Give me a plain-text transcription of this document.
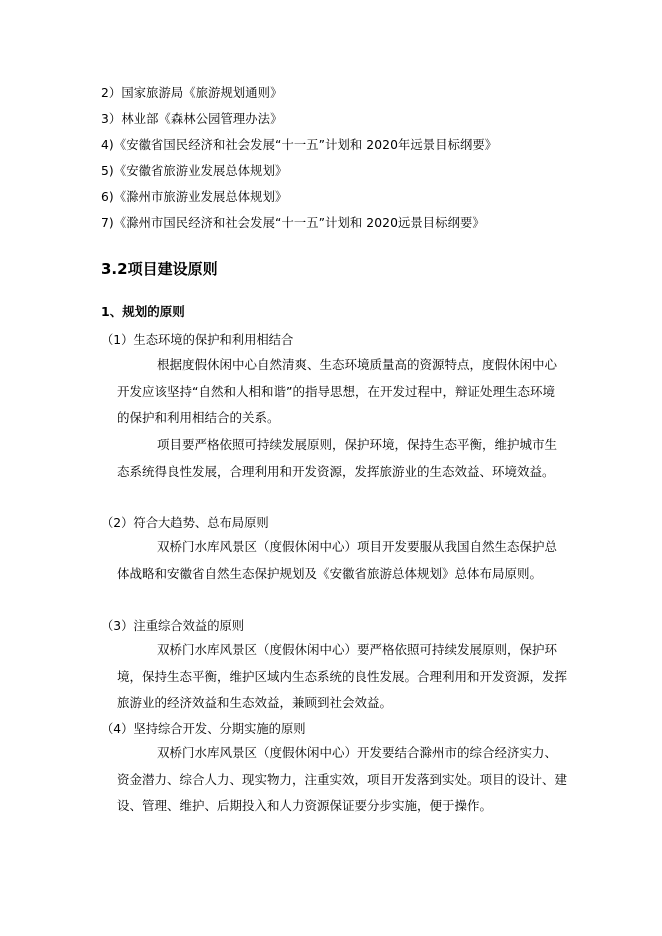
2）国家旅游局《旅游规划通则》
3）林业部《森林公园管理办法》
4)《安徽省国民经济和社会发展“十一五”计划和 2020年远景目标纲要》
5)《安徽省旅游业发展总体规划》
6)《滁州市旅游业发展总体规划》
7)《滁州市国民经济和社会发展“十一五”计划和 2020远景目标纲要》
3.2项目建设原则
1、规划的原则
（1）生态环境的保护和利用相结合
根据度假休闲中心自然清爽、生态环境质量高的资源特点，度假休闲中心开发应该坚持“自然和人相和谐”的指导思想，在开发过程中，辩证处理生态环境的保护和利用相结合的关系。
项目要严格依照可持续发展原则，保护环境，保持生态平衡，维护城市生态系统得良性发展，合理利用和开发资源，发挥旅游业的生态效益、环境效益。
（2）符合大趋势、总布局原则
双桥门水库风景区（度假休闲中心）项目开发要服从我国自然生态保护总体战略和安徽省自然生态保护规划及《安徽省旅游总体规划》总体布局原则。
（3）注重综合效益的原则
双桥门水库风景区（度假休闲中心）要严格依照可持续发展原则，保护环境，保持生态平衡，维护区域内生态系统的良性发展。合理利用和开发资源，发挥旅游业的经济效益和生态效益，兼顾到社会效益。
（4）坚持综合开发、分期实施的原则
双桥门水库风景区（度假休闲中心）开发要结合滁州市的综合经济实力、资金潜力、综合人力、现实物力，注重实效，项目开发落到实处。项目的设计、建设、管理、维护、后期投入和人力资源保证要分步实施，便于操作。
